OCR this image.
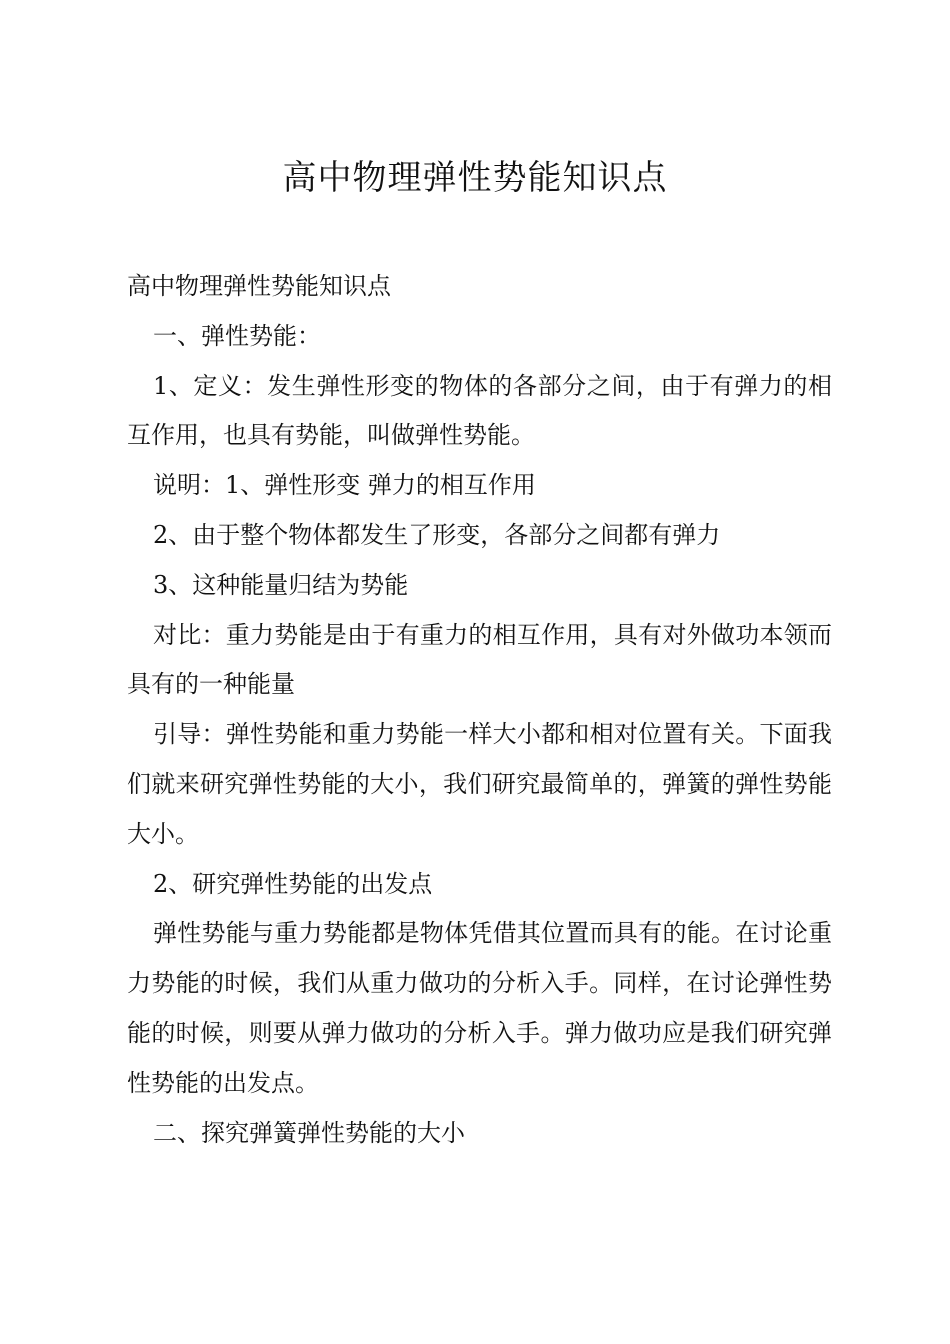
高中物理弹性势能知识点

高中物理弹性势能知识点

一、弹性势能：

1、定义：发生弹性形变的物体的各部分之间，由于有弹力的相互作用，也具有势能，叫做弹性势能。

说明：1、弹性形变 弹力的相互作用

2、由于整个物体都发生了形变，各部分之间都有弹力

3、这种能量归结为势能

对比：重力势能是由于有重力的相互作用，具有对外做功本领而具有的一种能量

引导：弹性势能和重力势能一样大小都和相对位置有关。下面我们就来研究弹性势能的大小，我们研究最简单的，弹簧的弹性势能大小。

2、研究弹性势能的出发点

弹性势能与重力势能都是物体凭借其位置而具有的能。在讨论重力势能的时候，我们从重力做功的分析入手。同样，在讨论弹性势能的时候，则要从弹力做功的分析入手。弹力做功应是我们研究弹性势能的出发点。

二、探究弹簧弹性势能的大小
